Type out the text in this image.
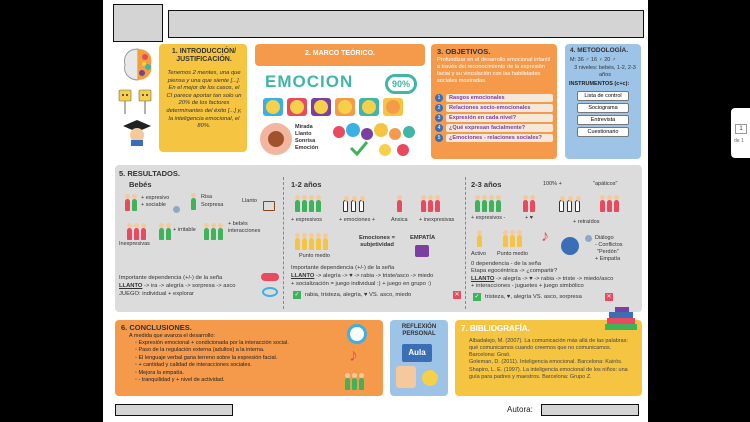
1. INTRODUCCIÓN/ JUSTIFICACIÓN.
Tenemos 2 mentes, una que piensa y una que siente [...]. En el mejor de los casos, el CI parece aportar tan solo un 20% de los factores determinantes del éxito [...] y, la inteligencia emocional, el 80%.
2. MARCO TEÓRICO.
EMOCION	90%
Mirada
Llanto
Sonrisa
Emoción
3. OBJETIVOS.
Profundizar en el desarrollo emocional infantil a través del reconocimiento de la expresión facial y su vinculación con las habilidades sociales mostradas.
1	Rasgos emocionales
2	Relaciones socio-emocionales
3	Expresión en cada nivel?
4	¿Qué expresan facialmente?
5	¿Emociones - relaciones sociales?
4. METODOLOGÍA.
M: 36 ♂ 16 ♀ 20 ♂
3 niveles: bebés, 1-2, 2-3 años
INSTRUMENTOS (c+c):
Lista de control
Sociograma
Entrevista
Cuestionario
5. RESULTADOS.
Bebés
+ expresivo
+ sociable
Risa
Sorpresa
Llanto
Inexpresivas
+ irritable
+ bebés
interacciones
Importante dependencia (+/-) de la seña
LLANTO -> ira -> alegría -> sorpresa -> asco
JUEGO: individual + explorar
1-2 años
+ expresivos	+ emociones +	Ansica + inexpresivas
Punto medio
Emociones = subjetividad
EMPATÍA
Importante dependencia (+/-) de la seña
LLANTO -> alegría -> ♥ -> rabia -> triste/asco -> miedo
+ socialización = juego individual :) + juego en grupo :)
✓ rabia, tristeza, alegría, ♥ VS. asco, miedo	✕
2-3 años	100% +	"apáticos"
+ expresivos -	+ ♥
+ retraídos
Activo Punto medio
♪	Diálogo
- Conflictos
"Perdón"
+ Empatía
0 dependencia - de la seña
Etapa egocéntrica -> ¿compartir?
LLANTO -> alegría -> ♥ -> rabia -> triste -> miedo/asco
+ interacciones - juguetes + juego simbólico
✓ tristeza, ♥, alegría VS. asco, sorpresa	✕
6. CONCLUSIONES.
A medida que avanza el desarrollo:
• Expresión emocional + condicionada por la interacción social.
• Paso de la regulación externa (adultos) a la interna.
• El lenguaje verbal gana terreno sobre la expresión facial.
• + cantidad y calidad de interacciones sociales.
• Mejora la empatía.
• - tranquilidad y + nivel de actividad.
♪
REFLEXIÓN PERSONAL
Aula
7. BIBLIOGRAFÍA.
Albadalejo, M. (2007). La comunicación más allá de las palabras: qué comunicamos cuando creemos que no comunicamos. Barcelona: Graó.
Goleman, D. (2011). Inteligencia emocional. Barcelona: Kairós.
Shapiro, L. E. (1997). La inteligencia emocional de los niños: una guía para padres y maestros. Barcelona: Grupo Z.
Autora:
1
de 1
